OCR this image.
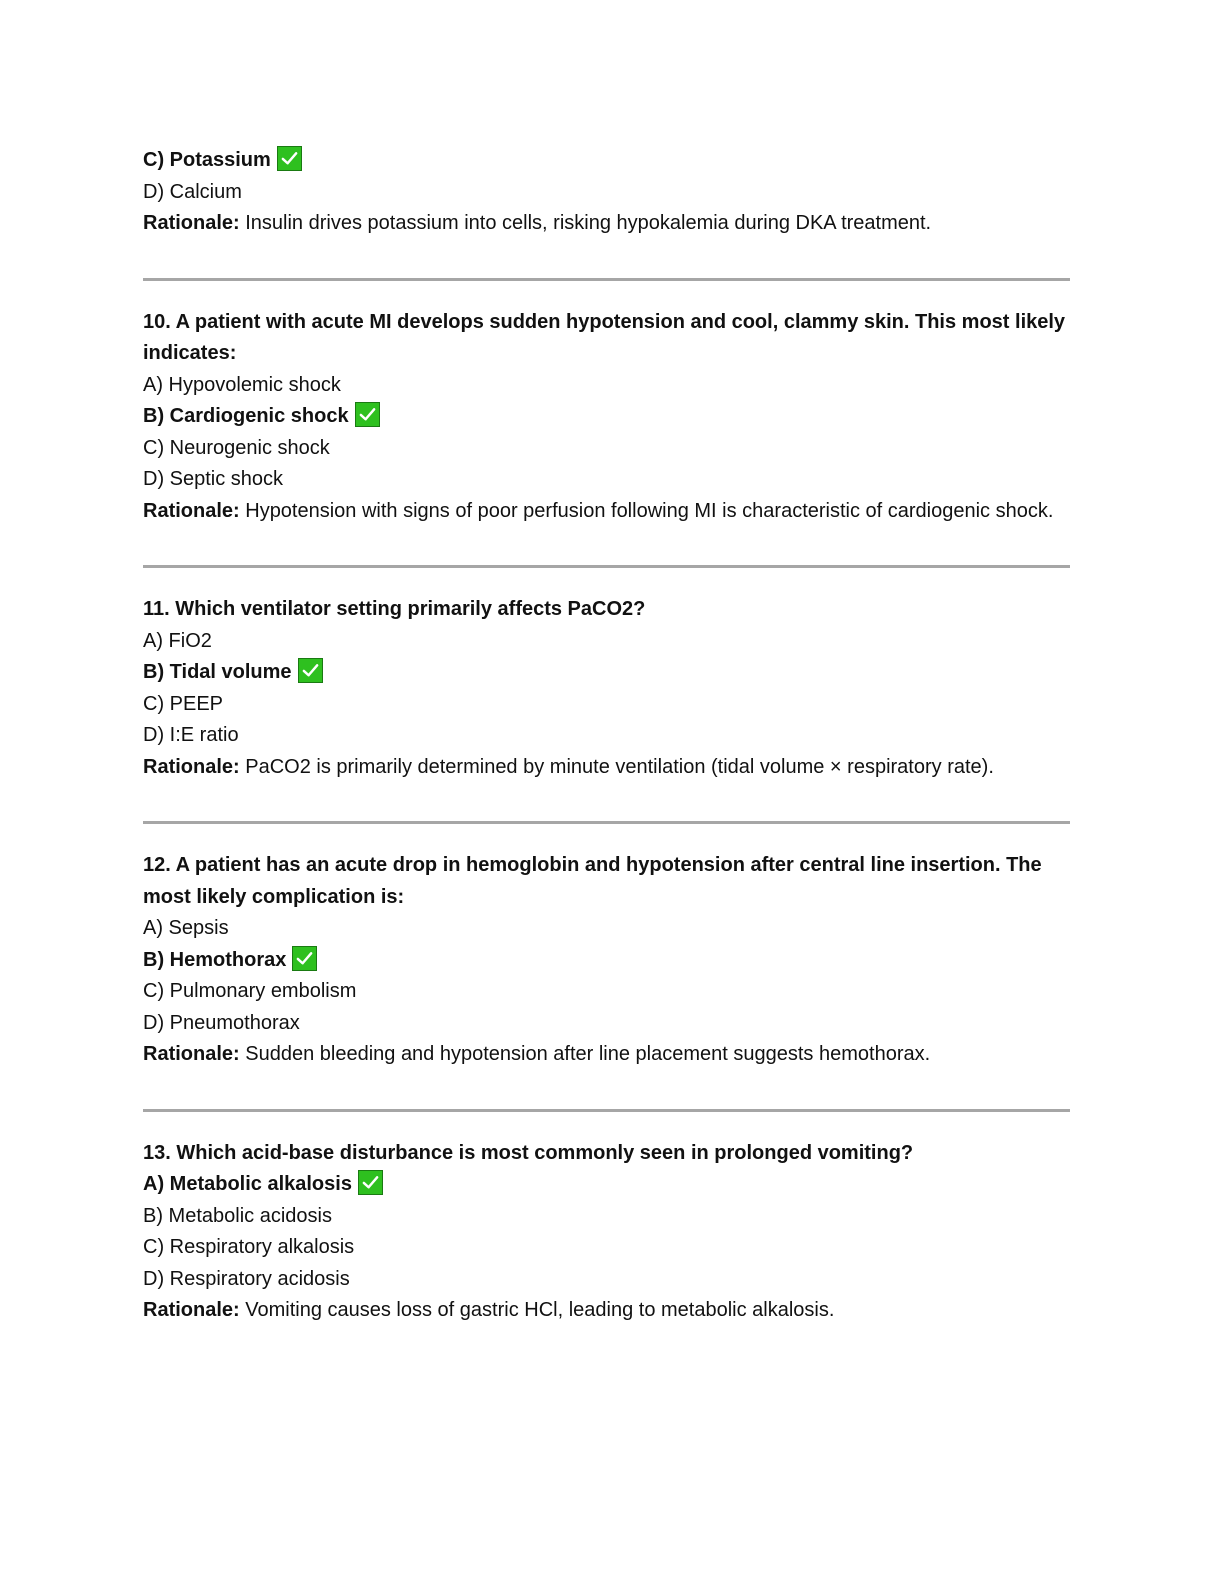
C) Potassium

D) Calcium

Rationale: Insulin drives potassium into cells, risking hypokalemia during DKA treatment.

10. A patient with acute MI develops sudden hypotension and cool, clammy skin. This most likely indicates:

A) Hypovolemic shock

B) Cardiogenic shock

C) Neurogenic shock

D) Septic shock

Rationale: Hypotension with signs of poor perfusion following MI is characteristic of cardiogenic shock.

11. Which ventilator setting primarily affects PaCO2?

A) FiO2

B) Tidal volume

C) PEEP

D) I:E ratio

Rationale: PaCO2 is primarily determined by minute ventilation (tidal volume × respiratory rate).

12. A patient has an acute drop in hemoglobin and hypotension after central line insertion. The most likely complication is:

A) Sepsis

B) Hemothorax

C) Pulmonary embolism

D) Pneumothorax

Rationale: Sudden bleeding and hypotension after line placement suggests hemothorax.

13. Which acid-base disturbance is most commonly seen in prolonged vomiting?

A) Metabolic alkalosis

B) Metabolic acidosis

C) Respiratory alkalosis

D) Respiratory acidosis

Rationale: Vomiting causes loss of gastric HCl, leading to metabolic alkalosis.
